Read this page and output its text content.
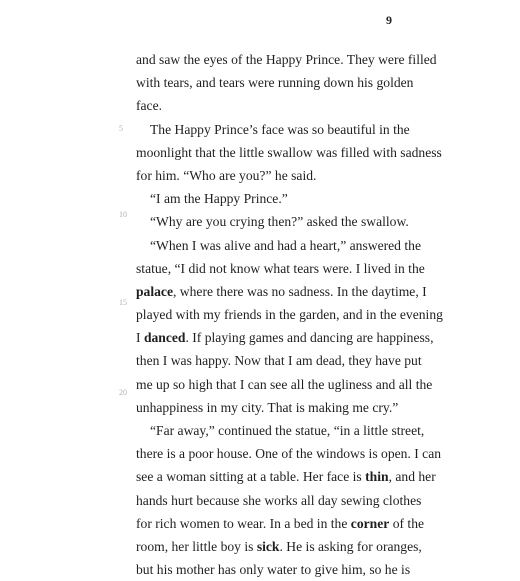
9
5
10
15
20
and saw the eyes of the Happy Prince. They were filled
with tears, and tears were running down his golden
face.
The Happy Prince’s face was so beautiful in the
moonlight that the little swallow was filled with sadness
for him. “Who are you?” he said.
“I am the Happy Prince.”
“Why are you crying then?” asked the swallow.
“When I was alive and had a heart,” answered the
statue, “I did not know what tears were. I lived in the
palace, where there was no sadness. In the daytime, I
played with my friends in the garden, and in the evening
I danced. If playing games and dancing are happiness,
then I was happy. Now that I am dead, they have put
me up so high that I can see all the ugliness and all the
unhappiness in my city. That is making me cry.”
“Far away,” continued the statue, “in a little street,
there is a poor house. One of the windows is open. I can
see a woman sitting at a table. Her face is thin, and her
hands hurt because she works all day sewing clothes
for rich women to wear. In a bed in the corner of the
room, her little boy is sick. He is asking for oranges,
but his mother has only water to give him, so he is
